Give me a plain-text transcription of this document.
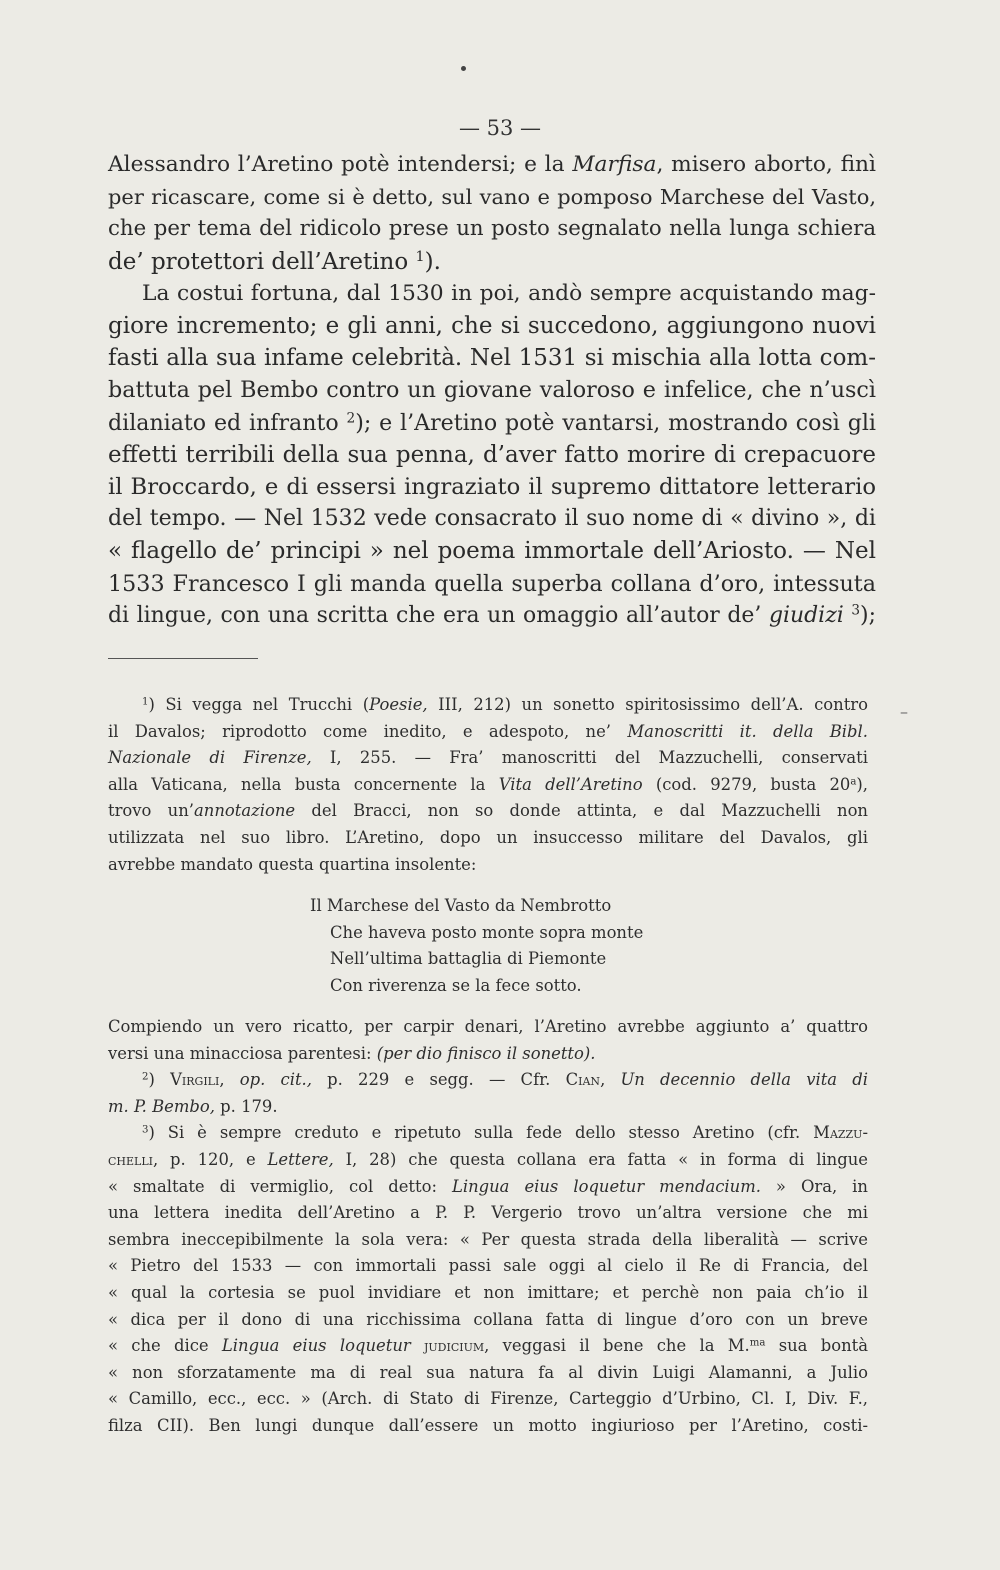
— 53 —
Alessandro l’Aretino potè intendersi; e la Marfisa, misero aborto, finì
per ricascare, come si è detto, sul vano e pomposo Marchese del Vasto,
che per tema del ridicolo prese un posto segnalato nella lunga schiera
de’ protettori dell’Aretino $^1$).
La costui fortuna, dal 1530 in poi, andò sempre acquistando mag-
giore incremento; e gli anni, che si succedono, aggiungono nuovi
fasti alla sua infame celebrità. Nel 1531 si mischia alla lotta com-
battuta pel Bembo contro un giovane valoroso e infelice, che n’uscì
dilaniato ed infranto $^2$); e l’Aretino potè vantarsi, mostrando così gli
effetti terribili della sua penna, d’aver fatto morire di crepacuore
il Broccardo, e di essersi ingraziato il supremo dittatore letterario
del tempo. — Nel 1532 vede consacrato il suo nome di « divino », di
« flagello de’ principi » nel poema immortale dell’Ariosto. — Nel
1533 Francesco I gli manda quella superba collana d’oro, intessuta
di lingue, con una scritta che era un omaggio all’autor de’ giudizi $^3$);
–
$^1$) Si vegga nel Trucchi (Poesie, III, 212) un sonetto spiritosissimo dell’A. contro
il Davalos; riprodotto come inedito, e adespoto, ne’ Manoscritti it. della Bibl.
Nazionale di Firenze, I, 255. — Fra’ manoscritti del Mazzuchelli, conservati
alla Vaticana, nella busta concernente la Vita dell’Aretino (cod. 9279, busta 20$^a$),
trovo un’annotazione del Bracci, non so donde attinta, e dal Mazzuchelli non
utilizzata nel suo libro. L’Aretino, dopo un insuccesso militare del Davalos, gli
avrebbe mandato questa quartina insolente:
Il Marchese del Vasto da Nembrotto
Che haveva posto monte sopra monte
Nell’ultima battaglia di Piemonte
Con riverenza se la fece sotto.
Compiendo un vero ricatto, per carpir denari, l’Aretino avrebbe aggiunto a’ quattro
versi una minacciosa parentesi: (per dio finisco il sonetto).
$^2$) Virgili, op. cit., p. 229 e segg. — Cfr. Cian, Un decennio della vita di
m. P. Bembo, p. 179.
$^3$) Si è sempre creduto e ripetuto sulla fede dello stesso Aretino (cfr. Mazzu-
chelli, p. 120, e Lettere, I, 28) che questa collana era fatta « in forma di lingue
« smaltate di vermiglio, col detto: Lingua eius loquetur mendacium. » Ora, in
una lettera inedita dell’Aretino a P. P. Vergerio trovo un’altra versione che mi
sembra ineccepibilmente la sola vera: « Per questa strada della liberalità — scrive
« Pietro del 1533 — con immortali passi sale oggi al cielo il Re di Francia, del
« qual la cortesia se puol invidiare et non imittare; et perchè non paia ch’io il
« dica per il dono di una ricchissima collana fatta di lingue d’oro con un breve
« che dice Lingua eius loquetur judicium, veggasi il bene che la M.$^{ma}$ sua bontà
« non sforzatamente ma di real sua natura fa al divin Luigi Alamanni, a Julio
« Camillo, ecc., ecc. » (Arch. di Stato di Firenze, Carteggio d’Urbino, Cl. I, Div. F.,
filza CII). Ben lungi dunque dall’essere un motto ingiurioso per l’Aretino, costi-
